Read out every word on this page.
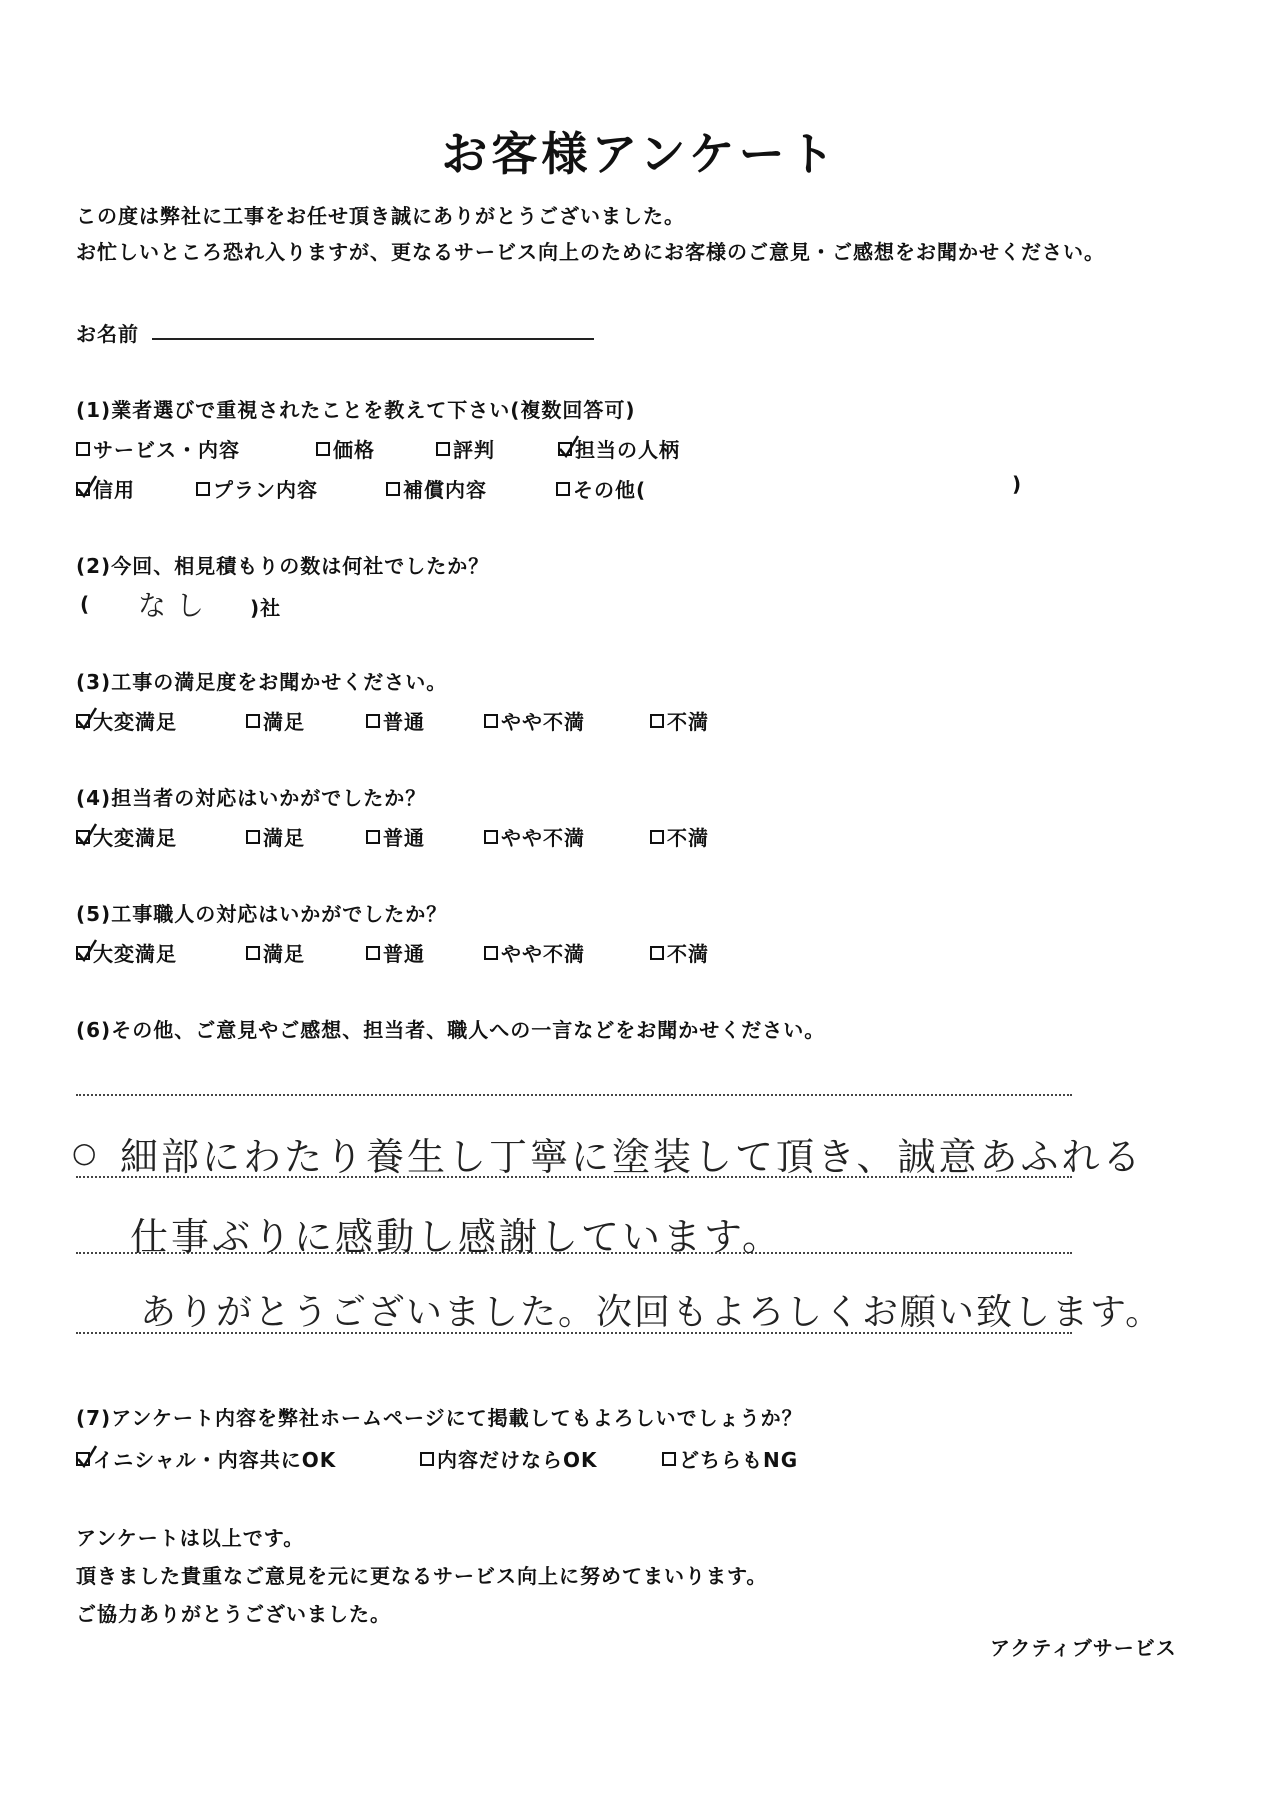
お客様アンケート
この度は弊社に工事をお任せ頂き誠にありがとうございました。
お忙しいところ恐れ入りますが、更なるサービス向上のためにお客様のご意見・ご感想をお聞かせください。
お名前
(1)業者選びで重視されたことを教えて下さい(複数回答可)
サービス・内容	価格	評判	担当の人柄
信用	プラン内容	補償内容	その他(	)
(2)今回、相見積もりの数は何社でしたか？
( なし )社
(3)工事の満足度をお聞かせください。
大変満足	満足	普通	やや不満	不満
(4)担当者の対応はいかがでしたか？
大変満足	満足	普通	やや不満	不満
(5)工事職人の対応はいかがでしたか？
大変満足	満足	普通	やや不満	不満
(6)その他、ご意見やご感想、担当者、職人への一言などをお聞かせください。
○ 細部にわたり養生し丁寧に塗装して頂き、誠意あふれる
仕事ぶりに感動し感謝しています。
ありがとうございました。次回もよろしくお願い致します。
(7)アンケート内容を弊社ホームページにて掲載してもよろしいでしょうか？
イニシャル・内容共にOK	内容だけならOK	どちらもNG
アンケートは以上です。
頂きました貴重なご意見を元に更なるサービス向上に努めてまいります。
ご協力ありがとうございました。
アクティブサービス
